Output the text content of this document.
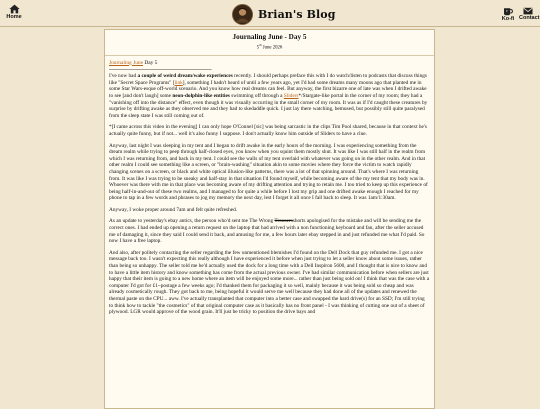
Home	Brian's Blog	Ko-fi Contact
Journaling June - Day 5
5th June 2026
Journaling June Day 5
-------------------------------------------------------------------------------

I've now had a couple of weird dream/wake experiences recently. I should perhaps preface this with I do watch/listen to podcasts that discuss things like "Secret Space Programs" [link], something I hadn't heard of until a few years ago, yet I'd had some dreams many moons ago that planted me in some Star Wars-esque off-world scenario. And you know how real dreams can feel. But anyway, the first bizarre one of late was when I drifted awake to see [and don't laugh] some neon-dolphin-like entities swimming off through a Sliders*/Stargate-like portal in the corner of my room; they had a "vanishing off into the distance" effect, even though it was visually occurring in the small corner of my room. It was as if I'd caught these creatures by surprise by drifting awake as they observed me and they had to skedaddle quick. I just lay there watching, bemused, but possibly still quite paralysed from the sleep state I was still coming out of.

*[I came across this video in the evening] I can only hope O'Connel [sic] was being sarcastic in the clips Tim Pool shared, because in that context he's actually quite funny, but if not... well it's also funny I suppose. I don't actually know him outside of Sliders to have a clue.

Anyway, last night I was sleeping in my tent and I began to drift awake in the early hours of the morning. I was experiencing something from the dream realm while trying to peep through half-closed eyes, you know when you squint them mostly shut. It was like I was still half in the realm from which I was returning from, and back in my tent. I could see the walls of my tent overlaid with whatever was going on in the other realm. And in that other realm I could see something like a screen, or "brain-washing" situation akin to some movies where they force the victim to watch rapidly changing scenes on a screen, or black and white optical illusion-like patterns, there was a lot of that spinning around. That's where I was returning from. It was like I was trying to be sneaky and half-stay in that situation I'd found myself, while becoming aware of the my tent that my body was in. Whoever was there with me in that place was becoming aware of my drifting attention and trying to retain me. I too tried to keep up this experience of being half-in-and-out of these two realms, and I managed to for quite a while before I lost my grip and one drifted awake enough I reached for my phone to tap in a few words and phrases to jog my memory the next day, lest I forget it all once I fall back to sleep. It was 1am/1:30am.

Anyway, I woke proper around 7am and felt quite refreshed.

As an update to yesterday's ebay antics, the person who'd sent me The Wrong Trousersshorts apologised for the mistake and will be sending me the correct ones. I had ended up opening a return request on the laptop that had arrived with a non functioning keyboard and fan, after the seller accused me of damaging it, since they said I could send it back, and amusing for me, a few hours later ebay stepped in and just refunded me what I'd paid. So now I have a free laptop.

And also, after politely contacting the seller regarding the few unmentioned blemishes I'd found on the Dell Dock that guy refunded me. I got a nice message back too. I wasn't expecting this really although I have experienced it before when just trying to let a seller know about some issues, rather than being so unhappy. The seller told me he'd actually used the dock for a long time with a Dell Inspiron 5600, and I thought that is nice to know and to have a little item history and know something has come from the actual previous owner. I've had similar communication before when sellers are just happy that their item is going to a new home where an item will be enjoyed some more... rather than just being sold on! I think that was the case with a computer I'd got for £1~postage a few weeks ago; I'd thanked them for packaging it so well, mainly because it was being sold so cheap and was already cosmetically rough. They got back to me, being hopeful it would serve me well because they had done all of the updates and renewed the thermal paste on the CPU... aww. I've actually transplanted that computer into a better case and swapped the hard drive(s) for an SSD; I'm still trying to think how to tackle "the cosmetics" of that original computer case as it basically has no front panel - I was thinking of cutting one out of a sheet of plywood. LGR would approve of the wood grain. It'll just be tricky to position the drive bays and
